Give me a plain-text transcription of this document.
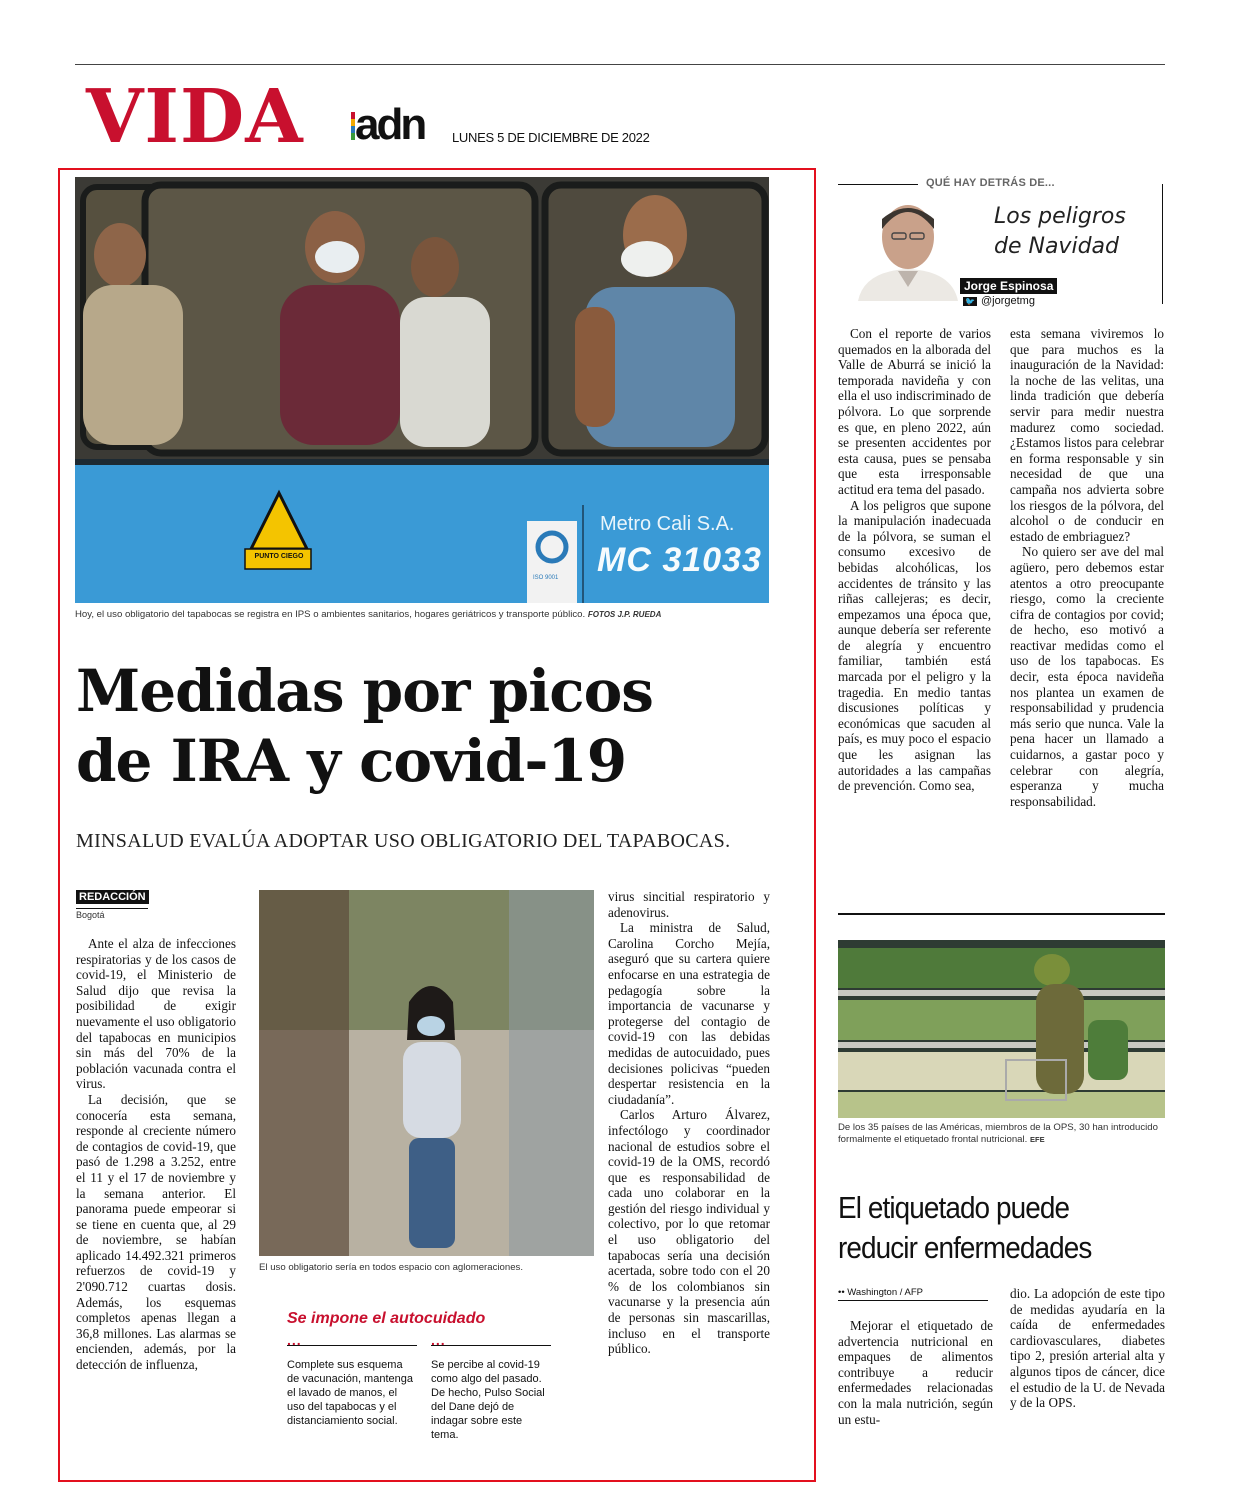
VIDA adn LUNES 5 DE DICIEMBRE DE 2022
PUNTO CIEGO
Metro Cali S.A.
MC 31033
ISO 9001
Hoy, el uso obligatorio del tapabocas se registra en IPS o ambientes sanitarios, hogares geriátricos y transporte público. FOTOS J.P. RUEDA
Medidas por picos
de IRA y covid-19
MINSALUD EVALÚA ADOPTAR USO OBLIGATORIO DEL TAPABOCAS.
REDACCIÓN
Bogotá

Ante el alza de infecciones respiratorias y de los casos de covid-19, el Ministerio de Salud dijo que revisa la posibilidad de exigir nuevamente el uso obligatorio del tapabocas en municipios sin más del 70% de la población vacunada contra el virus.

La decisión, que se conocería esta semana, responde al creciente número de contagios de covid-19, que pasó de 1.298 a 3.252, entre el 11 y el 17 de noviembre y la semana anterior. El panorama puede empeorar si se tiene en cuenta que, al 29 de noviembre, se habían aplicado 14.492.321 primeros refuerzos de covid-19 y 2'090.712 cuartas dosis. Además, los esquemas completos apenas llegan a 36,8 millones. Las alarmas se encienden, además, por la detección de influenza,

El uso obligatorio sería en todos espacio con aglomeraciones.
Se impone el autocuidado
...	...
Complete sus esquema de vacunación, mantenga el lavado de manos, el uso del tapabocas y el distanciamiento social.
Se percibe al covid-19 como algo del pasado. De hecho, Pulso Social del Dane dejó de indagar sobre este tema.

virus sincitial respiratorio y adenovirus.

La ministra de Salud, Carolina Corcho Mejía, aseguró que su cartera quiere enfocarse en una estrategia de pedagogía sobre la importancia de vacunarse y protegerse del contagio de covid-19 con las debidas medidas de autocuidado, pues decisiones policivas “pueden despertar resistencia en la ciudadanía”.

Carlos Arturo Álvarez, infectólogo y coordinador nacional de estudios sobre el covid-19 de la OMS, recordó que es responsabilidad de cada uno colaborar en la gestión del riesgo individual y colectivo, por lo que retomar el uso obligatorio del tapabocas sería una decisión acertada, sobre todo con el 20 % de los colombianos sin vacunarse y la presencia aún de personas sin mascarillas, incluso en el transporte público.

QUÉ HAY DETRÁS DE...
Los peligros
de Navidad
Jorge Espinosa
🐦 @jorgetmg

Con el reporte de varios quemados en la alborada del Valle de Aburrá se inició la temporada navideña y con ella el uso indiscriminado de pólvora. Lo que sorprende es que, en pleno 2022, aún se presenten accidentes por esta causa, pues se pensaba que esta irresponsable actitud era tema del pasado.

A los peligros que supone la manipulación inadecuada de la pólvora, se suman el consumo excesivo de bebidas alcohólicas, los accidentes de tránsito y las riñas callejeras; es decir, empezamos una época que, aunque debería ser referente de alegría y encuentro familiar, también está marcada por el peligro y la tragedia. En medio tantas discusiones políticas y económicas que sacuden al país, es muy poco el espacio que les asignan las autoridades a las campañas de prevención. Como sea,

esta semana viviremos lo que para muchos es la inauguración de la Navidad: la noche de las velitas, una linda tradición que debería servir para medir nuestra madurez como sociedad. ¿Estamos listos para celebrar en forma responsable y sin necesidad de que una campaña nos advierta sobre los riesgos de la pólvora, del alcohol o de conducir en estado de embriaguez?

No quiero ser ave del mal agüero, pero debemos estar atentos a otro preocupante riesgo, como la creciente cifra de contagios por covid; de hecho, eso motivó a reactivar medidas como el uso de los tapabocas. Es decir, esta época navideña nos plantea un examen de responsabilidad y prudencia más serio que nunca. Vale la pena hacer un llamado a cuidarnos, a gastar poco y celebrar con alegría, esperanza y mucha responsabilidad.

De los 35 países de las Américas, miembros de la OPS, 30 han introducido formalmente el etiquetado frontal nutricional. EFE
El etiquetado puede
reducir enfermedades
•• Washington / AFP

Mejorar el etiquetado de advertencia nutricional en empaques de alimentos contribuye a reducir enfermedades relacionadas con la mala nutrición, según un estu-

dio. La adopción de este tipo de medidas ayudaría en la caída de enfermedades cardiovasculares, diabetes tipo 2, presión arterial alta y algunos tipos de cáncer, dice el estudio de la U. de Nevada y de la OPS.
